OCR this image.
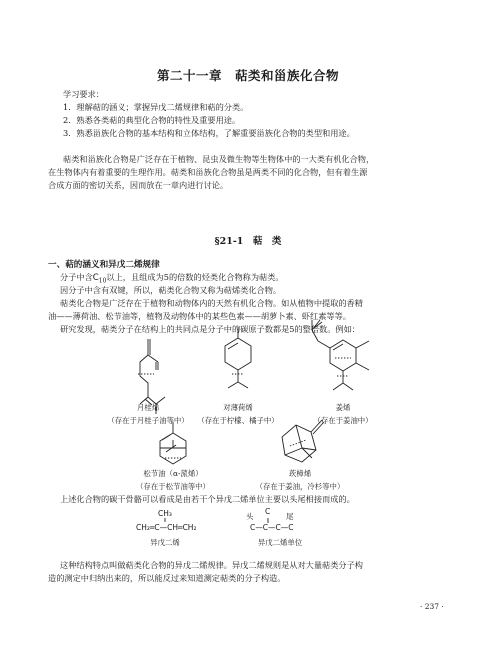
第二十一章　萜类和甾族化合物
学习要求：
1．理解萜的涵义；掌握异戊二烯规律和萜的分类。
2．熟悉各类萜的典型化合物的特性及重要用途。
3．熟悉甾族化合物的基本结构和立体结构，了解重要甾族化合物的类型和用途。
萜类和甾族化合物是广泛存在于植物、昆虫及微生物等生物体中的一大类有机化合物，
在生物体内有着重要的生理作用。萜类和甾族化合物虽是两类不同的化合物，但有着生源
合成方面的密切关系，因而放在一章内进行讨论。
§21-1　萜　类
一、萜的涵义和异戊二烯规律
分子中含$C_{10}$以上，且组成为5的倍数的烃类化合物称为萜类。
因分子中含有双键，所以，萜类化合物又称为萜烯类化合物。
萜类化合物是广泛存在于植物和动物体内的天然有机化合物。如从植物中提取的香精
油——薄荷油、松节油等，植物及动物体中的某些色素——胡萝卜素、虾红素等等。
研究发现，萜类分子在结构上的共同点是分子中的碳原子数都是5的整倍数。例如：
月桂烯
（存在于月桂子油等中）
对薄荷烯
（存在于柠檬、橘子中）
姜烯
（存在于姜油中）
松节油（α-蒎烯）
（存在于松节油等中）
莰樟烯
（存在于姜油，冷杉等中）
上述化合物的碳干骨骼可以看成是由若干个异戊二烯单位主要以头尾相接而成的。
CH₃
CH₂═C—CH═CH₂
异戊二烯
头
C
尾
C—C—C—C
异戊二烯单位
这种结构特点叫做萜类化合物的异戊二烯规律。异戊二烯规则是从对大量萜类分子构
造的测定中归纳出来的，所以能反过来知道测定萜类的分子构造。
· 237 ·
